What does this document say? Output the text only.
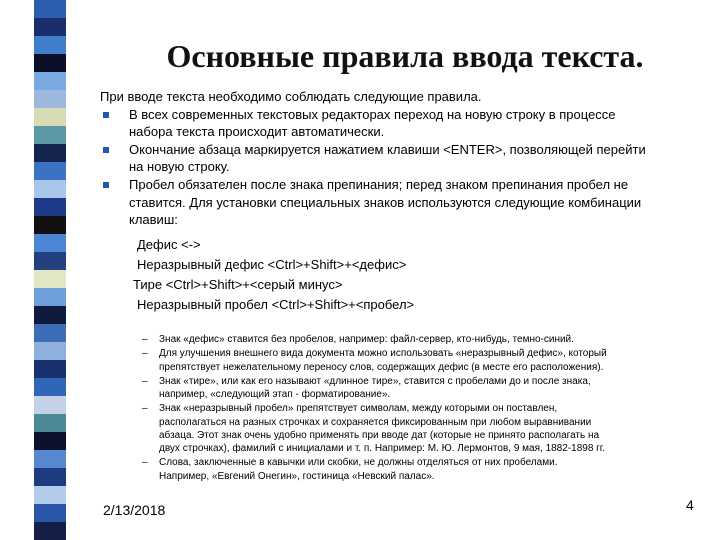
Основные правила ввода текста.
При вводе текста необходимо соблюдать следующие правила.
В всех современных текстовых редакторах переход на новую строку в процессе
набора текста происходит автоматически.
Окончание абзаца маркируется нажатием клавиши <ENTER>, позволяющей перейти
на новую строку.
Пробел обязателен после знака препинания; перед знаком препинания пробел не
ставится. Для установки специальных знаков используются следующие комбинации
клавиш:
Дефис <->
Неразрывный дефис <Ctrl>+Shift>+<дефис>
Тире <Ctrl>+Shift>+<серый минус>
Неразрывный пробел <Ctrl>+Shift>+<пробел>
– Знак «дефис» ставится без пробелов, например: файл-сервер, кто-нибудь, темно-синий.
– Для улучшения внешнего вида документа можно использовать «неразрывный дефис», который
препятствует нежелательному переносу слов, содержащих дефис (в месте его расположения).
– Знак «тире», или как его называют «длинное тире», ставится с пробелами до и после знака,
например, «следующий этап - форматирование».
– Знак «неразрывный пробел» препятствует символам, между которыми он поставлен,
располагаться на разных строчках и сохраняется фиксированным при любом выравнивании
абзаца. Этот знак очень удобно применять при вводе дат (которые не принято располагать на
двух строчках), фамилий с инициалами и т. п. Например: М. Ю. Лермонтов, 9 мая, 1882-1898 гг.
– Слова, заключенные в кавычки или скобки, не должны отделяться от них пробелами.
Например, «Евгений Онегин», гостиница «Невский палас».
2/13/2018	4
